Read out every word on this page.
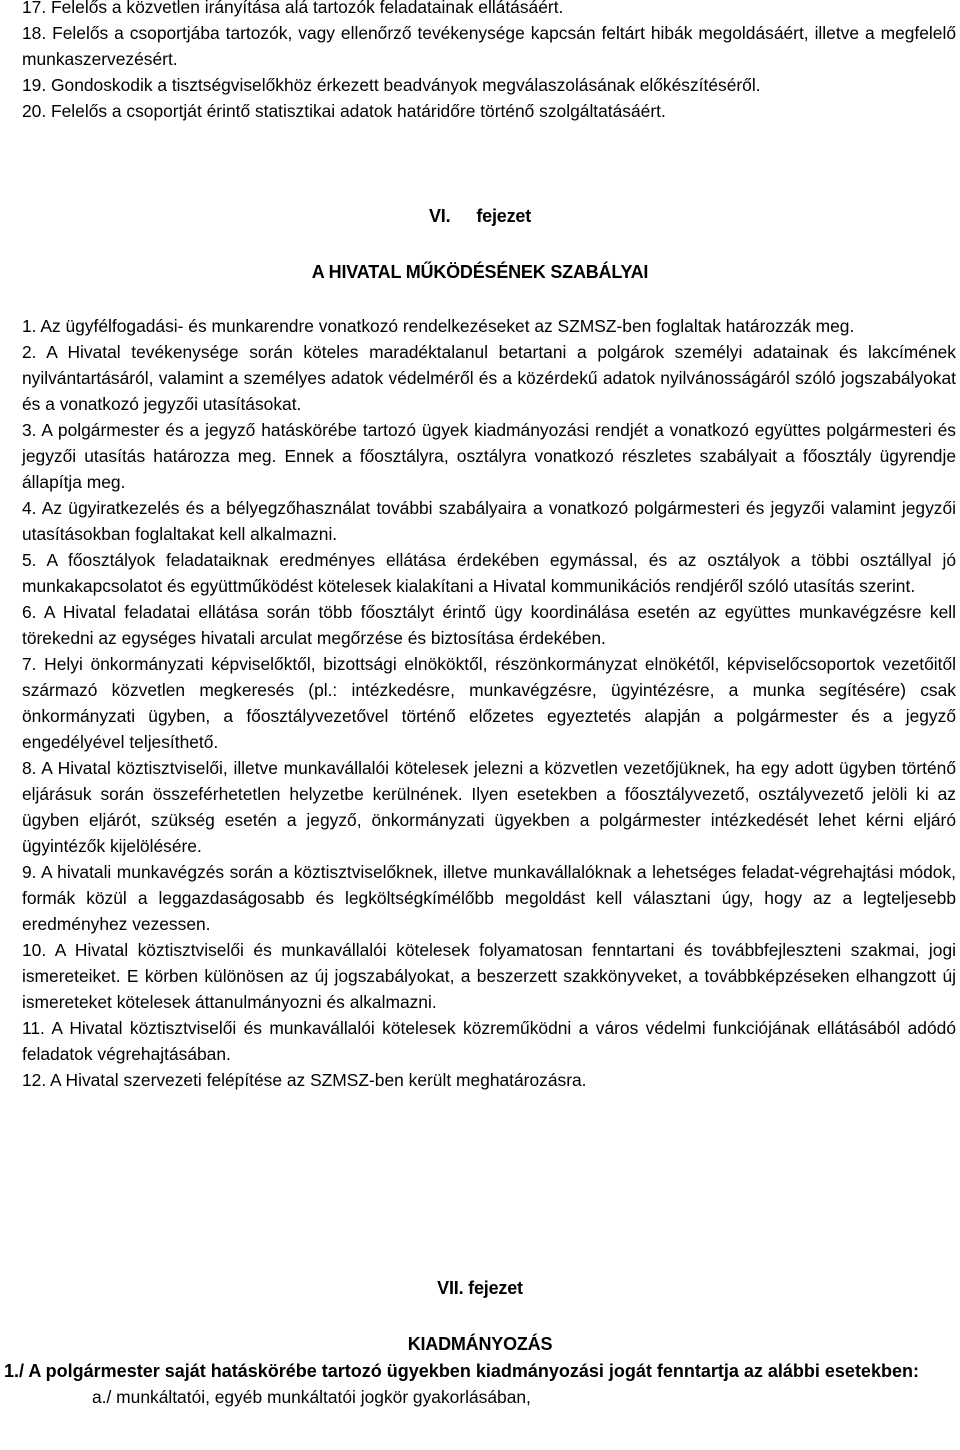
17. Felelős a közvetlen irányítása alá tartozók feladatainak ellátásáért.

18. Felelős a csoportjába tartozók, vagy ellenőrző tevékenysége kapcsán feltárt hibák megoldásáért, illetve a megfelelő munkaszervezésért.

19. Gondoskodik a tisztségviselőkhöz érkezett beadványok megválaszolásának előkészítéséről.

20. Felelős a csoportját érintő statisztikai adatok határidőre történő szolgáltatásáért.

VI. fejezet
A HIVATAL MŰKÖDÉSÉNEK SZABÁLYAI

1. Az ügyfélfogadási- és munkarendre vonatkozó rendelkezéseket az SZMSZ-ben foglaltak határozzák meg.

2. A Hivatal tevékenysége során köteles maradéktalanul betartani a polgárok személyi adatainak és lakcímének nyilvántartásáról, valamint a személyes adatok védelméről és a közérdekű adatok nyilvánosságáról szóló jogszabályokat és a vonatkozó jegyzői utasításokat.

3. A polgármester és a jegyző hatáskörébe tartozó ügyek kiadmányozási rendjét a vonatkozó együttes polgármesteri és jegyzői utasítás határozza meg. Ennek a főosztályra, osztályra vonatkozó részletes szabályait a főosztály ügyrendje állapítja meg.

4. Az ügyiratkezelés és a bélyegzőhasználat további szabályaira a vonatkozó polgármesteri és jegyzői valamint jegyzői utasításokban foglaltakat kell alkalmazni.

5. A főosztályok feladataiknak eredményes ellátása érdekében egymással, és az osztályok a többi osztállyal jó munkakapcsolatot és együttműködést kötelesek kialakítani a Hivatal kommunikációs rendjéről szóló utasítás szerint.

6. A Hivatal feladatai ellátása során több főosztályt érintő ügy koordinálása esetén az együttes munkavégzésre kell törekedni az egységes hivatali arculat megőrzése és biztosítása érdekében.

7. Helyi önkormányzati képviselőktől, bizottsági elnököktől, részönkormányzat elnökétől, képviselőcsoportok vezetőitől származó közvetlen megkeresés (pl.: intézkedésre, munkavégzésre, ügyintézésre, a munka segítésére) csak önkormányzati ügyben, a főosztályvezetővel történő előzetes egyeztetés alapján a polgármester és a jegyző engedélyével teljesíthető.

8. A Hivatal köztisztviselői, illetve munkavállalói kötelesek jelezni a közvetlen vezetőjüknek, ha egy adott ügyben történő eljárásuk során összeférhetetlen helyzetbe kerülnének. Ilyen esetekben a főosztályvezető, osztályvezető jelöli ki az ügyben eljárót, szükség esetén a jegyző, önkormányzati ügyekben a polgármester intézkedését lehet kérni eljáró ügyintézők kijelölésére.

9. A hivatali munkavégzés során a köztisztviselőknek, illetve munkavállalóknak a lehetséges feladat-végrehajtási módok, formák közül a leggazdaságosabb és legköltségkímélőbb megoldást kell választani úgy, hogy az a legteljesebb eredményhez vezessen.

10. A Hivatal köztisztviselői és munkavállalói kötelesek folyamatosan fenntartani és továbbfejleszteni szakmai, jogi ismereteiket. E körben különösen az új jogszabályokat, a beszerzett szakkönyveket, a továbbképzéseken elhangzott új ismereteket kötelesek áttanulmányozni és alkalmazni.

11. A Hivatal köztisztviselői és munkavállalói kötelesek közreműködni a város védelmi funkciójának ellátásából adódó feladatok végrehajtásában.

12. A Hivatal szervezeti felépítése az SZMSZ-ben került meghatározásra.

VII. fejezet
KIADMÁNYOZÁS

1./ A polgármester saját hatáskörébe tartozó ügyekben kiadmányozási jogát fenntartja az alábbi esetekben:

a./ munkáltatói, egyéb munkáltatói jogkör gyakorlásában,
